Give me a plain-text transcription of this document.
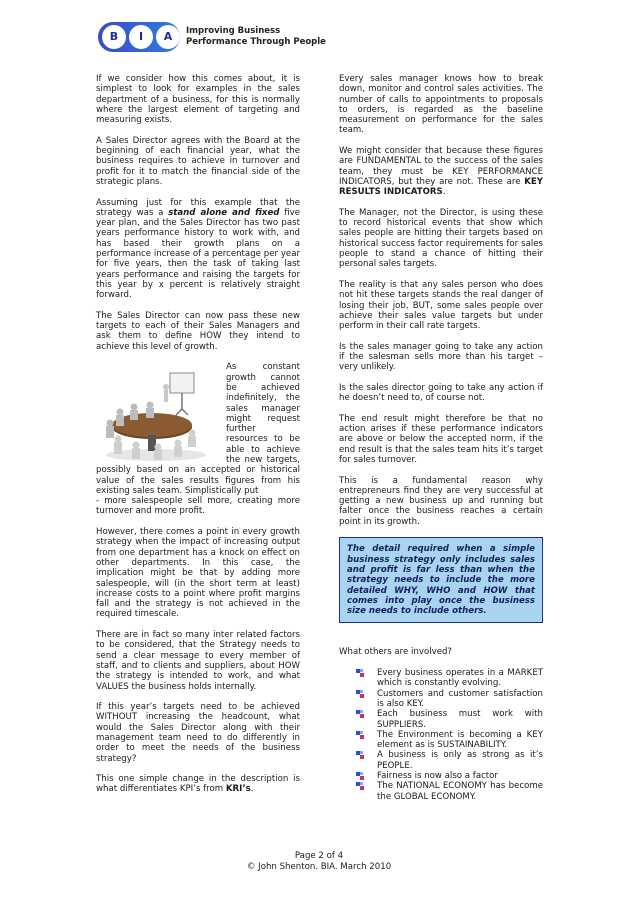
B	I	A	Improving Business
Performance Through People

If we consider how this comes about, it is simplest to look for examples in the sales department of a business, for this is normally where the largest element of targeting and measuring exists.

A Sales Director agrees with the Board at the beginning of each financial year, what the business requires to achieve in turnover and profit for it to match the financial side of the strategic plans.

Assuming just for this example that the strategy was a stand alone and fixed five year plan, and the Sales Director has two past years performance history to work with, and has based their growth plans on a performance increase of a percentage per year for five years, then the task of taking last years performance and raising the targets for this year by x percent is relatively straight forward.

The Sales Director can now pass these new targets to each of their Sales Managers and ask them to define HOW they intend to achieve this level of growth.

As constant growth cannot be achieved indefinitely, the sales manager might request further resources to be able to achieve the new targets, possibly based on an accepted or historical value of the sales results figures from his existing sales team. Simplistically put

- more salespeople sell more, creating more turnover and more profit.

However, there comes a point in every growth strategy when the impact of increasing output from one department has a knock on effect on other departments. In this case, the implication might be that by adding more salespeople, will (in the short term at least) increase costs to a point where profit margins fall and the strategy is not achieved in the required timescale.

There are in fact so many inter related factors to be considered, that the Strategy needs to send a clear message to every member of staff, and to clients and suppliers, about HOW the strategy is intended to work, and what VALUES the business holds internally.

If this year’s targets need to be achieved WITHOUT increasing the headcount, what would the Sales Director along with their management team need to do differently in order to meet the needs of the business strategy?

This one simple change in the description is what differentiates KPI’s from KRI’s.

Every sales manager knows how to break down, monitor and control sales activities. The number of calls to appointments to proposals to orders, is regarded as the baseline measurement on performance for the sales team.

We might consider that because these figures are FUNDAMENTAL to the success of the sales team, they must be KEY PERFORMANCE INDICATORS, but they are not. These are KEY RESULTS INDICATORS.

The Manager, not the Director, is using these to record historical events that show which sales people are hitting their targets based on historical success factor requirements for sales people to stand a chance of hitting their personal sales targets.

The reality is that any sales person who does not hit these targets stands the real danger of losing their job, BUT, some sales people over achieve their sales value targets but under perform in their call rate targets.

Is the sales manager going to take any action if the salesman sells more than his target – very unlikely.

Is the sales director going to take any action if he doesn’t need to, of course not.

The end result might therefore be that no action arises if these performance indicators are above or below the accepted norm, if the end result is that the sales team hits it’s target for sales turnover.

This is a fundamental reason why entrepreneurs find they are very successful at getting a new business up and running but falter once the business reaches a certain point in its growth.

The detail required when a simple business strategy only includes sales and profit is far less than when the strategy needs to include the more detailed WHY, WHO and HOW that comes into play once the business size needs to include others.

What others are involved?

Every business operates in a MARKET which is constantly evolving.
Customers and customer satisfaction is also KEY.
Each business must work with SUPPLIERS.
The Environment is becoming a KEY element as is SUSTAINABILITY.
A business is only as strong as it’s PEOPLE.
Fairness is now also a factor
The NATIONAL ECONOMY has become the GLOBAL ECONOMY.
Page 2 of 4
© John Shenton. BIA. March 2010
